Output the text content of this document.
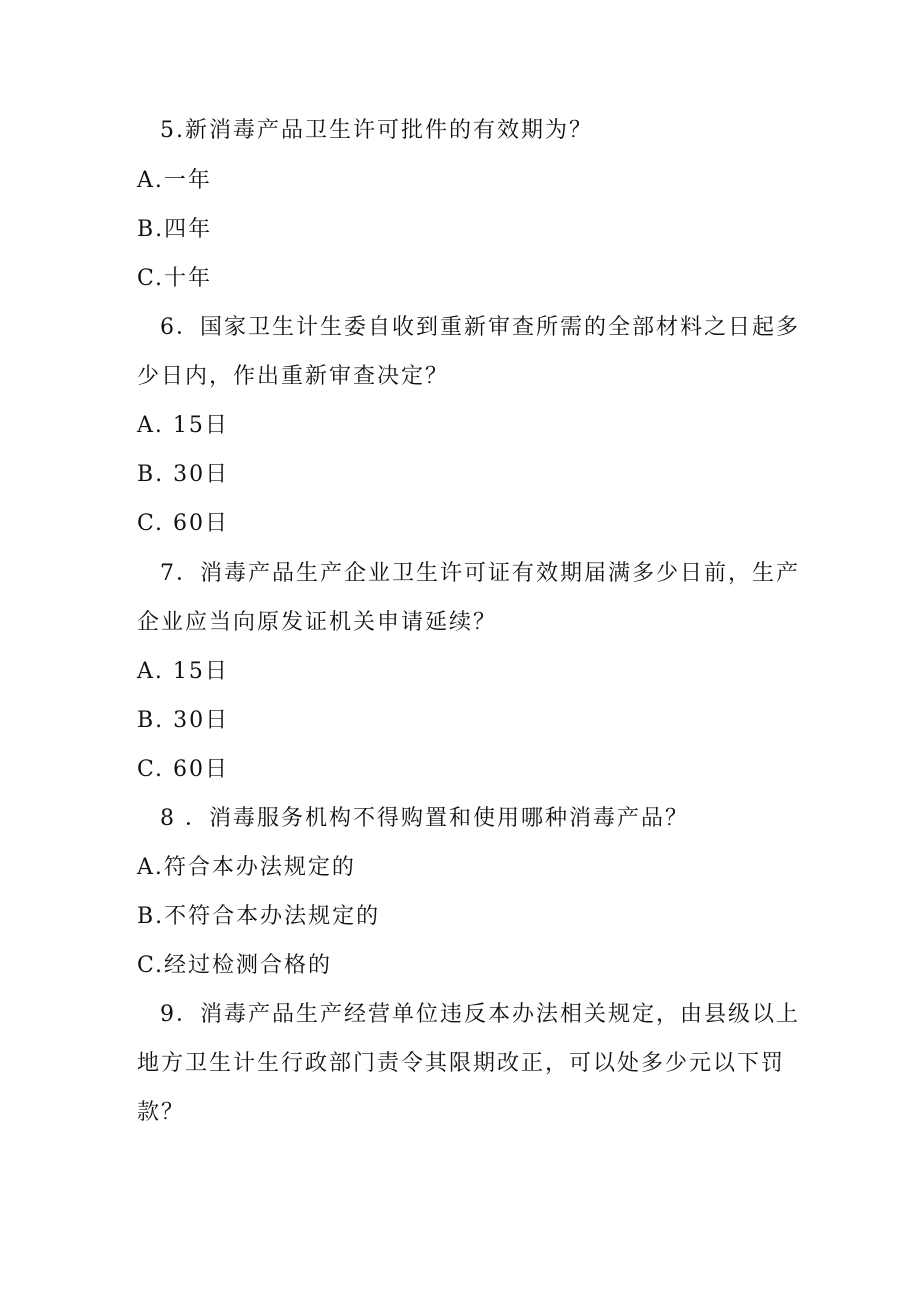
5.新消毒产品卫生许可批件的有效期为？
A.一年
B.四年
C.十年
6．国家卫生计生委自收到重新审查所需的全部材料之日起多
少日内，作出重新审查决定？
A. 15日
B. 30日
C. 60日
7．消毒产品生产企业卫生许可证有效期届满多少日前，生产
企业应当向原发证机关申请延续？
A. 15日
B. 30日
C. 60日
8 ．消毒服务机构不得购置和使用哪种消毒产品？
A.符合本办法规定的
B.不符合本办法规定的
C.经过检测合格的
9．消毒产品生产经营单位违反本办法相关规定，由县级以上
地方卫生计生行政部门责令其限期改正，可以处多少元以下罚
款？
